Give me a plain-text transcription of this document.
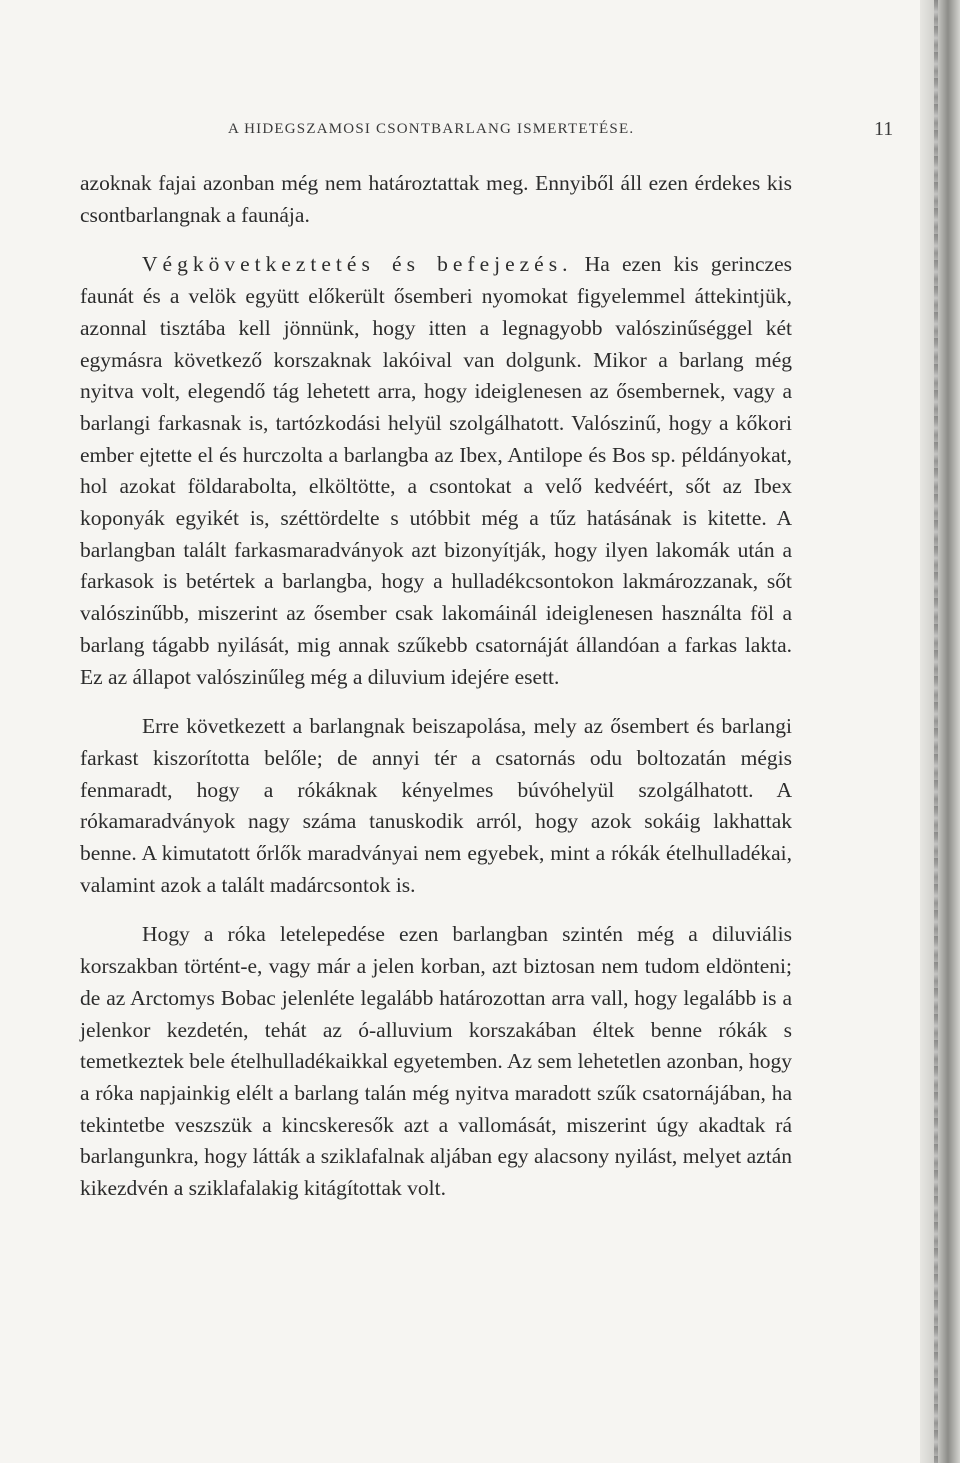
A HIDEGSZAMOSI CSONTBARLANG ISMERTETÉSE.	11

azoknak fajai azonban még nem határoztattak meg. Ennyiből áll ezen érdekes kis csontbarlangnak a faunája.

Végkövetkeztetés és befejezés. Ha ezen kis gerinczes faunát és a velök együtt előkerült ősemberi nyomokat figyelemmel áttekintjük, azonnal tisztába kell jönnünk, hogy itten a legnagyobb valószinűséggel két egymásra következő korszaknak lakóival van dolgunk. Mikor a barlang még nyitva volt, elegendő tág lehetett arra, hogy ideiglenesen az ősembernek, vagy a barlangi farkasnak is, tartózkodási helyül szolgálhatott. Valószinű, hogy a kőkori ember ejtette el és hurczolta a barlangba az Ibex, Antilope és Bos sp. példányokat, hol azokat földarabolta, elköltötte, a csontokat a velő kedvéért, sőt az Ibex koponyák egyikét is, széttördelte s utóbbit még a tűz hatásának is kitette. A barlangban talált farkasmaradványok azt bizonyítják, hogy ilyen lakomák után a farkasok is betértek a barlangba, hogy a hulladékcsontokon lakmározzanak, sőt valószinűbb, miszerint az ősember csak lakomáinál ideiglenesen használta föl a barlang tágabb nyilását, mig annak szűkebb csatornáját állandóan a farkas lakta. Ez az állapot valószinűleg még a diluvium idejére esett.

Erre következett a barlangnak beiszapolása, mely az ősembert és barlangi farkast kiszorította belőle; de annyi tér a csatornás odu boltozatán mégis fenmaradt, hogy a rókáknak kényelmes búvóhelyül szolgálhatott. A rókamaradványok nagy száma tanuskodik arról, hogy azok sokáig lakhattak benne. A kimutatott őrlők maradványai nem egyebek, mint a rókák ételhulladékai, valamint azok a talált madárcsontok is.

Hogy a róka letelepedése ezen barlangban szintén még a diluviális korszakban történt-e, vagy már a jelen korban, azt biztosan nem tudom eldönteni; de az Arctomys Bobac jelenléte legalább határozottan arra vall, hogy legalább is a jelenkor kezdetén, tehát az ó-alluvium korszakában éltek benne rókák s temetkeztek bele ételhulladékaikkal egyetemben. Az sem lehetetlen azonban, hogy a róka napjainkig elélt a barlang talán még nyitva maradott szűk csatornájában, ha tekintetbe veszszük a kincskeresők azt a vallomását, miszerint úgy akadtak rá barlangunkra, hogy látták a sziklafalnak aljában egy alacsony nyilást, melyet aztán kikezdvén a sziklafalakig kitágítottak volt.
